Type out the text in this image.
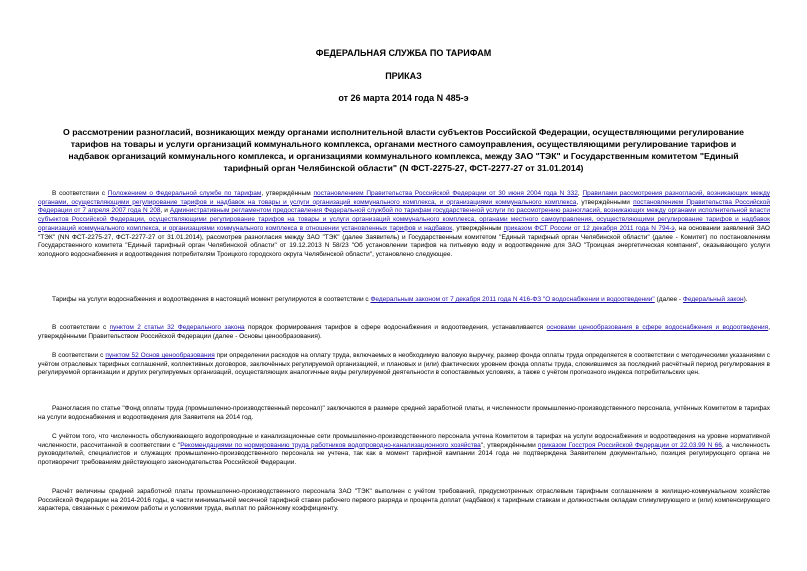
ФЕДЕРАЛЬНАЯ СЛУЖБА ПО ТАРИФАМ

ПРИКАЗ

от 26 марта 2014 года N 485-э

О рассмотрении разногласий, возникающих между органами исполнительной власти субъектов Российской Федерации, осуществляющими регулирование тарифов на товары и услуги организаций коммунального комплекса, органами местного самоуправления, осуществляющими регулирование тарифов и надбавок организаций коммунального комплекса, и организациями коммунального комплекса, между ЗАО "ТЭК" и Государственным комитетом "Единый тарифный орган Челябинской области" (N ФСТ-2275-27, ФСТ-2277-27 от 31.01.2014)

В соответствии с Положением о Федеральной службе по тарифам, утверждённым постановлением Правительства Российской Федерации от 30 июня 2004 года N 332, Правилами рассмотрения разногласий, возникающих между органами, осуществляющими регулирование тарифов и надбавок на товары и услуги организаций коммунального комплекса, и организациями коммунального комплекса, утверждёнными постановлением Правительства Российской Федерации от 7 апреля 2007 года N 208, и Административным регламентом предоставления Федеральной службой по тарифам государственной услуги по рассмотрению разногласий, возникающих между органами исполнительной власти субъектов Российской Федерации, осуществляющими регулирование тарифов на товары и услуги организаций коммунального комплекса, органами местного самоуправления, осуществляющими регулирование тарифов и надбавок организаций коммунального комплекса, и организациями коммунального комплекса в отношении установленных тарифов и надбавок, утверждённым приказом ФСТ России от 12 декабря 2011 года N 794-э, на основании заявлений ЗАО "ТЭК" (NN ФСТ-2275-27, ФСТ-2277-27 от 31.01.2014), рассмотрев разногласия между ЗАО "ТЭК" (далее Заявитель) и Государственным комитетом "Единый тарифный орган Челябинской области" (далее - Комитет) по постановлениям Государственного комитета "Единый тарифный орган Челябинской области" от 19.12.2013 N 58/23 "Об установлении тарифов на питьевую воду и водоотведение для ЗАО "Троицкая энергетическая компания", оказывающего услуги холодного водоснабжения и водоотведения потребителям Троицкого городского округа Челябинской области", установлено следующее.

Тарифы на услуги водоснабжения и водоотведения в настоящий момент регулируются в соответствии с Федеральным законом от 7 декабря 2011 года N 416-ФЗ "О водоснабжении и водоотведении" (далее - Федеральный закон).

В соответствии с пунктом 2 статьи 32 Федерального закона порядок формирования тарифов в сфере водоснабжения и водоотведения, устанавливается основами ценообразования в сфере водоснабжения и водоотведения, утверждёнными Правительством Российской Федерации (далее - Основы ценообразования).

В соответствии с пунктом 52 Основ ценообразования при определении расходов на оплату труда, включаемых в необходимую валовую выручку, размер фонда оплаты труда определяется в соответствии с методическими указаниями с учётом отраслевых тарифных соглашений, коллективных договоров, заключённых регулируемой организацией, и плановых и (или) фактических уровнем фонда оплаты труда, сложившимся за последний расчётный период регулирования в регулируемой организации и других регулируемых организаций, осуществляющих аналогичные виды регулируемой деятельности в сопоставимых условиях, а также с учётом прогнозного индекса потребительских цен.

Разногласия по статье "Фонд оплаты труда (промышленно-производственный персонал)" заключаются в размере средней заработной платы, и численности промышленно-производственного персонала, учтённых Комитетом в тарифах на услуги водоснабжения и водоотведения для Заявителя на 2014 год.

С учётом того, что численность обслуживающего водопроводные и канализационные сети промышленно-производственного персонала учтена Комитетом в тарифах на услуги водоснабжения и водоотведения на уровне нормативной численности, рассчитанной в соответствии с "Рекомендациями по нормированию труда работников водопроводно-канализационного хозяйства", утверждёнными приказом Госстроя Российской Федерации от 22.03.99 N 66, а численность руководителей, специалистов и служащих промышленно-производственного персонала не учтена, так как в момент тарифной кампании 2014 года не подтверждена Заявителем документально, позиция регулирующего органа не противоречит требованиям действующего законодательства Российской Федерации.

Расчёт величины средней заработной платы промышленно-производственного персонала ЗАО "ТЭК" выполнен с учётом требований, предусмотренных отраслевым тарифным соглашением в жилищно-коммунальном хозяйстве Российской Федерации на 2014-2016 годы, в части минимальной месячной тарифной ставки рабочего первого разряда и процента доплат (надбавок) к тарифным ставкам и должностным окладам стимулирующего и (или) компенсирующего характера, связанных с режимом работы и условиями труда, выплат по районному коэффициенту.
